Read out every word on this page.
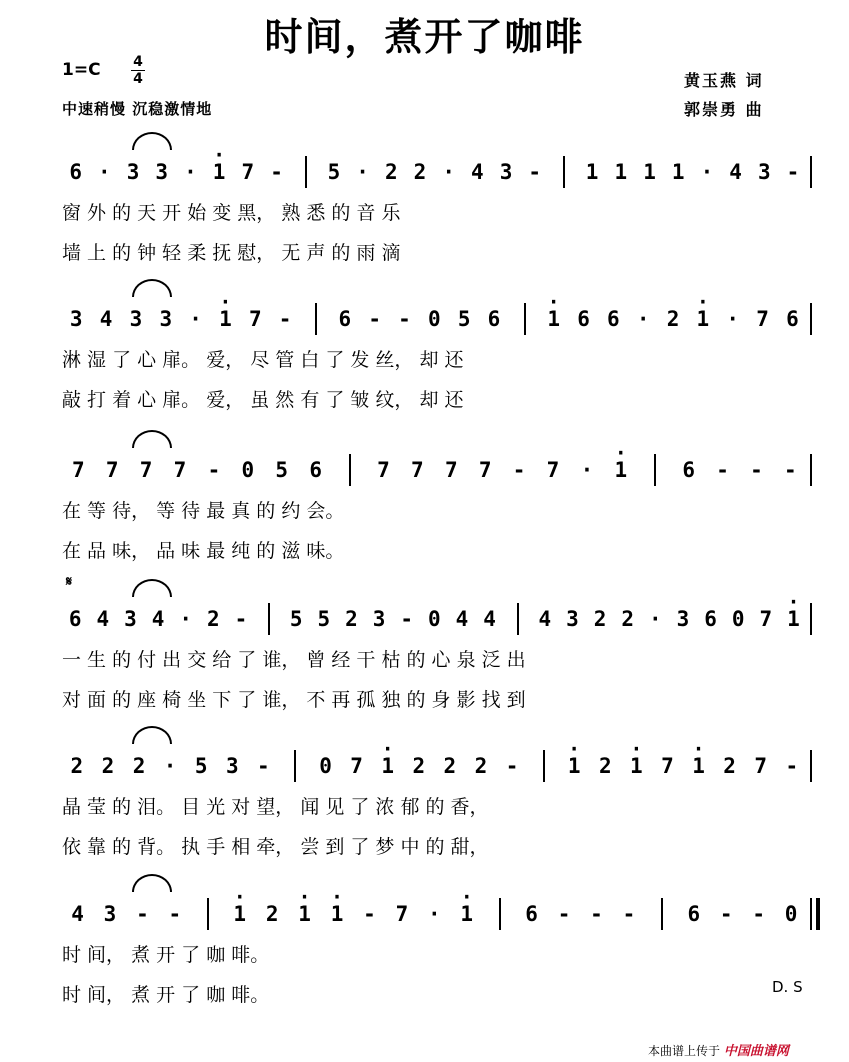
时间，煮开了咖啡
1=C 4
4
中速稍慢 沉稳激情地
黄玉燕 词
郭崇勇 曲
6 · 3 3 · · 1 7 - 5 · 2 2 · 4 3 - 1 1 1 1 · 4 3 -
窗 外 的 天 开 始 变 黑， 熟 悉 的 音 乐
墙 上 的 钟 轻 柔 抚 慰， 无 声 的 雨 滴
3 4 3 3 · · 1 7 - 6 - - 0 5 6 · 1 6 6 · 2 · 1 · 7 6
淋 湿 了 心 扉。 爱， 尽 管 白 了 发 丝， 却 还
敲 打 着 心 扉。 爱， 虽 然 有 了 皱 纹， 却 还
7 7 7 7 - 0 5 6	7 7 7 7 - 7 · · 1	6 - - -
在 等 待， 等 待 最 真 的 约 会。
在 品 味， 品 味 最 纯 的 滋 味。
6 4 3 4 · 2 - 5 5 2 3 - 0 4 4 4 3 2 2 · 3 6 0 7 · 1
一 生 的 付 出 交 给 了 谁， 曾 经 干 枯 的 心 泉 泛 出
对 面 的 座 椅 坐 下 了 谁， 不 再 孤 独 的 身 影 找 到
2 2 2 · 5 3 - 0 7 · 1 2 2 2 - · 1 2 · 1 7 · 1 2 7 -
晶 莹 的 泪。 目 光 对 望， 闻 见 了 浓 郁 的 香，
依 靠 的 背。 执 手 相 牵， 尝 到 了 梦 中 的 甜，
4 3 - - · 1 2 · 1 · 1 - 7 · · 1 6 - - - 6 - - 0
时 间， 煮 开 了 咖 啡。
时 间， 煮 开 了 咖 啡。
𝄋
D. S
本曲谱上传于 中国曲谱网
